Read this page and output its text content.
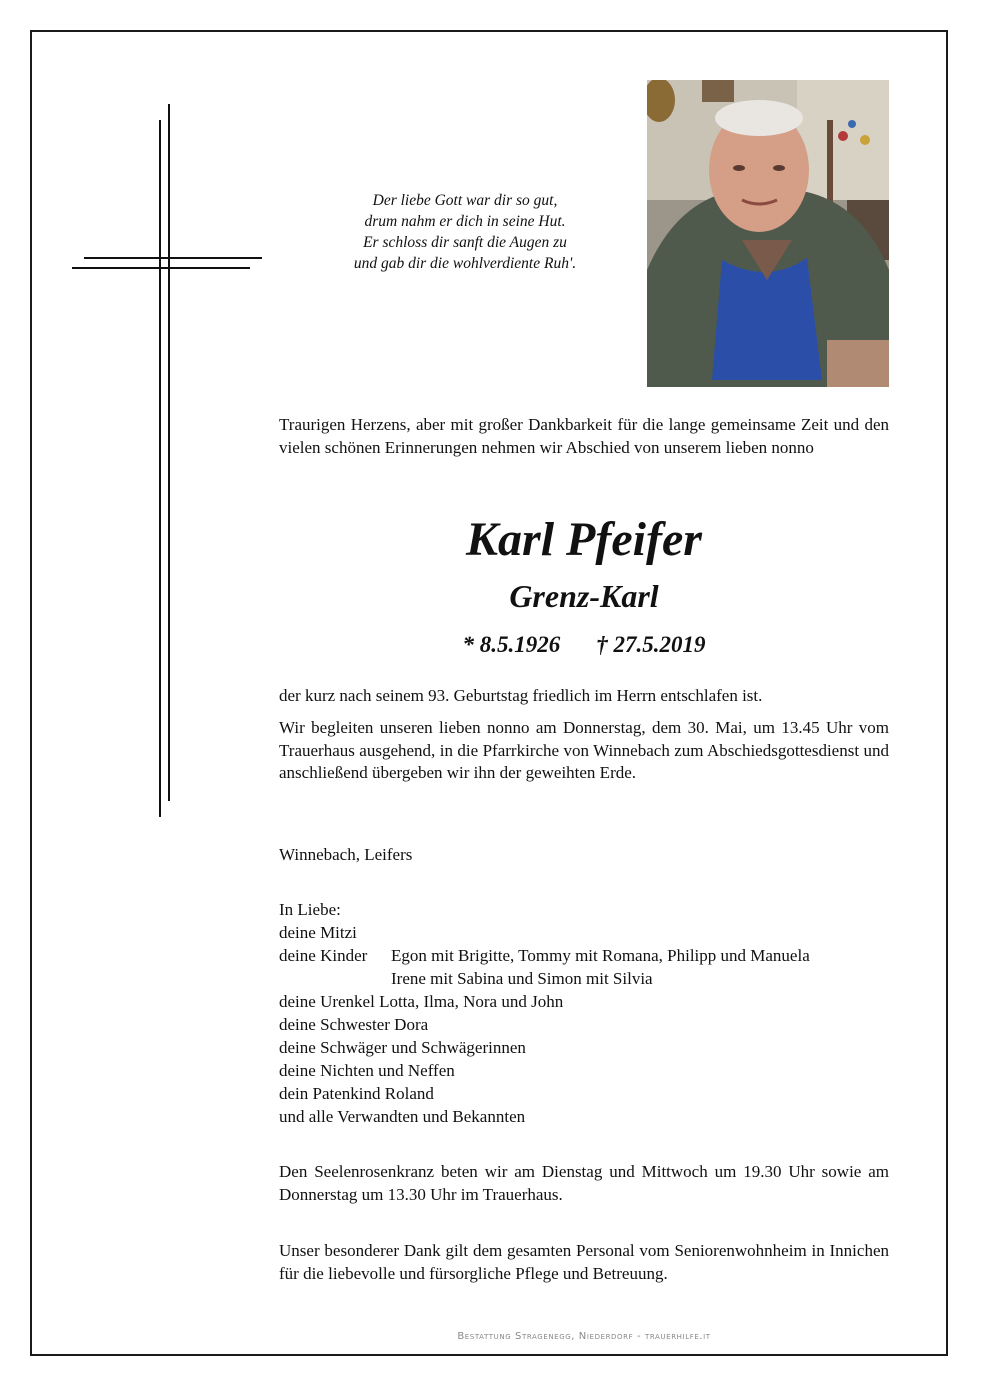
Der liebe Gott war dir so gut,
drum nahm er dich in seine Hut.
Er schloss dir sanft die Augen zu
und gab dir die wohlverdiente Ruh'.
Traurigen Herzens, aber mit großer Dankbarkeit für die lange gemeinsame Zeit und den vielen schönen Erinnerungen nehmen wir Abschied von unserem lieben nonno
Karl Pfeifer
Grenz-Karl
* 8.5.1926 † 27.5.2019
der kurz nach seinem 93. Geburtstag friedlich im Herrn entschlafen ist.
Wir begleiten unseren lieben nonno am Donnerstag, dem 30. Mai, um 13.45 Uhr vom Trauerhaus ausgehend, in die Pfarrkirche von Winnebach zum Abschiedsgottesdienst und anschließend übergeben wir ihn der geweihten Erde.
Winnebach, Leifers
In Liebe:
deine Mitzi
deine Kinder	Egon mit Brigitte, Tommy mit Romana, Philipp und Manuela
Irene mit Sabina und Simon mit Silvia
deine Urenkel Lotta, Ilma, Nora und John
deine Schwester Dora
deine Schwäger und Schwägerinnen
deine Nichten und Neffen
dein Patenkind Roland
und alle Verwandten und Bekannten
Den Seelenrosenkranz beten wir am Dienstag und Mittwoch um 19.30 Uhr sowie am Donnerstag um 13.30 Uhr im Trauerhaus.
Unser besonderer Dank gilt dem gesamten Personal vom Seniorenwohnheim in Innichen für die liebevolle und fürsorgliche Pflege und Betreuung.
Bestattung Stragenegg, Niederdorf - trauerhilfe.it
